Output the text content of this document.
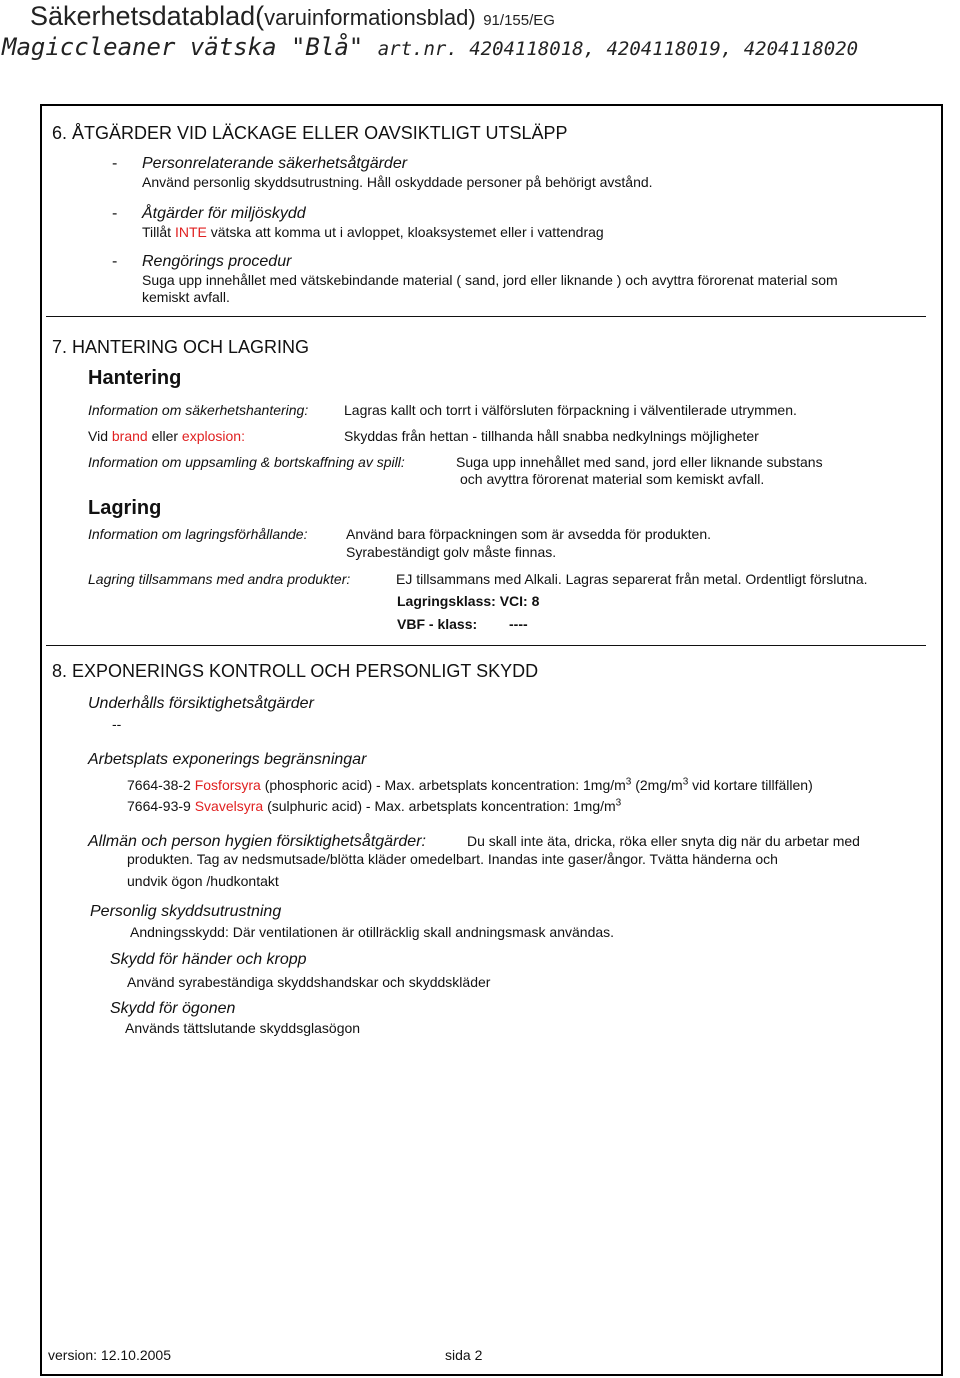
Säkerhetsdatablad(varuinformationsblad) 91/155/EG
Magiccleaner vätska "Blå" art.nr. 4204118018, 4204118019, 4204118020
6. ÅTGÄRDER VID LÄCKAGE ELLER OAVSIKTLIGT UTSLÄPP
- Personrelaterande säkerhetsåtgärder
Använd personlig skyddsutrustning. Håll oskyddade personer på behörigt avstånd.
- Åtgärder för miljöskydd
Tillåt INTE vätska att komma ut i avloppet, kloaksystemet eller i vattendrag
- Rengörings procedur
Suga upp innehållet med vätskebindande material ( sand, jord eller liknande ) och avyttra förorenat material som
kemiskt avfall.
7. HANTERING OCH LAGRING
Hantering
Information om säkerhetshantering:	Lagras kallt och torrt i välförsluten förpackning i välventilerade utrymmen.
Vid brand eller explosion:	Skyddas från hettan - tillhanda håll snabba nedkylnings möjligheter
Information om uppsamling & bortskaffning av spill:	Suga upp innehållet med sand, jord eller liknande substans
och avyttra förorenat material som kemiskt avfall.
Lagring
Information om lagringsförhållande:	Använd bara förpackningen som är avsedda för produkten.
Syrabeständigt golv måste finnas.
Lagring tillsammans med andra produkter:	EJ tillsammans med Alkali. Lagras separerat från metal. Ordentligt förslutna.
Lagringsklass: VCI: 8
VBF - klass: ----
8. EXPONERINGS KONTROLL OCH PERSONLIGT SKYDD
Underhålls försiktighetsåtgärder
--
Arbetsplats exponerings begränsningar
7664-38-2 Fosforsyra (phosphoric acid) - Max. arbetsplats koncentration: $1mg/m^3$ ($2mg/m^3$ vid kortare tillfällen)
7664-93-9 Svavelsyra (sulphuric acid) - Max. arbetsplats koncentration: $1mg/m^3$
Allmän och person hygien försiktighetsåtgärder:	Du skall inte äta, dricka, röka eller snyta dig när du arbetar med
produkten. Tag av nedsmutsade/blötta kläder omedelbart. Inandas inte gaser/ångor. Tvätta händerna och
undvik ögon /hudkontakt
Personlig skyddsutrustning
Andningsskydd: Där ventilationen är otillräcklig skall andningsmask användas.
Skydd för händer och kropp
Använd syrabeständiga skyddshandskar och skyddskläder
Skydd för ögonen
Används tättslutande skyddsglasögon
version: 12.10.2005	sida 2
